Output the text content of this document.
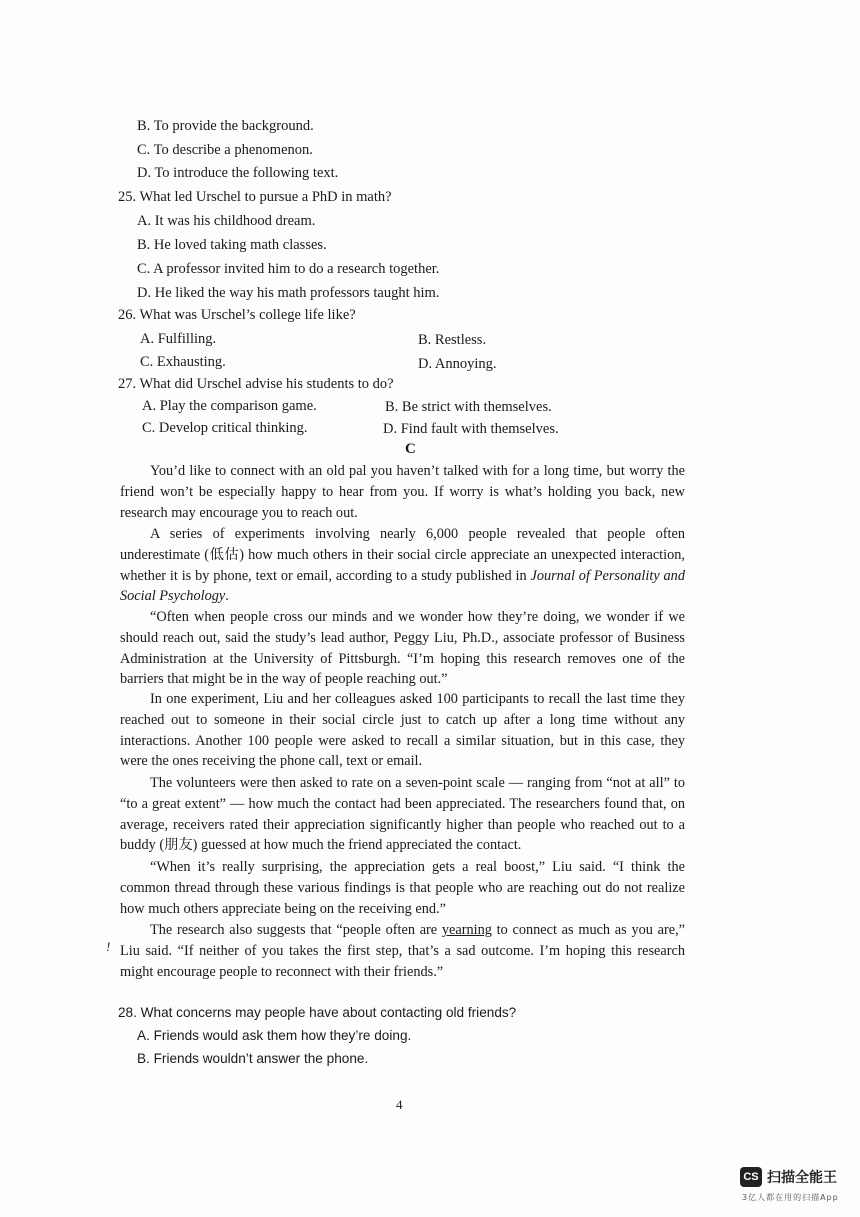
B. To provide the background.
C. To describe a phenomenon.
D. To introduce the following text.
25. What led Urschel to pursue a PhD in math?
A. It was his childhood dream.
B. He loved taking math classes.
C. A professor invited him to do a research together.
D. He liked the way his math professors taught him.
26. What was Urschel’s college life like?
A. Fulfilling.	B. Restless.
C. Exhausting.	D. Annoying.
27. What did Urschel advise his students to do?
A. Play the comparison game.	B. Be strict with themselves.
C. Develop critical thinking.	D. Find fault with themselves.
C
You’d like to connect with an old pal you haven’t talked with for a long time, but worry the friend won’t be especially happy to hear from you. If worry is what’s holding you back, new research may encourage you to reach out.
A series of experiments involving nearly 6,000 people revealed that people often underestimate (低估) how much others in their social circle appreciate an unexpected interaction, whether it is by phone, text or email, according to a study published in Journal of Personality and Social Psychology.
“Often when people cross our minds and we wonder how they’re doing, we wonder if we should reach out, said the study’s lead author, Peggy Liu, Ph.D., associate professor of Business Administration at the University of Pittsburgh. “I’m hoping this research removes one of the barriers that might be in the way of people reaching out.”
In one experiment, Liu and her colleagues asked 100 participants to recall the last time they reached out to someone in their social circle just to catch up after a long time without any interactions. Another 100 people were asked to recall a similar situation, but in this case, they were the ones receiving the phone call, text or email.
The volunteers were then asked to rate on a seven-point scale — ranging from “not at all” to “to a great extent” — how much the contact had been appreciated. The researchers found that, on average, receivers rated their appreciation significantly higher than people who reached out to a buddy (朋友) guessed at how much the friend appreciated the contact.
“When it’s really surprising, the appreciation gets a real boost,” Liu said. “I think the common thread through these various findings is that people who are reaching out do not realize how much others appreciate being on the receiving end.”
The research also suggests that “people often are yearning to connect as much as you are,” Liu said. “If neither of you takes the first step, that’s a sad outcome. I’m hoping this research might encourage people to reconnect with their friends.”
!
28. What concerns may people have about contacting old friends?
A. Friends would ask them how they’re doing.
B. Friends wouldn’t answer the phone.
4
CS 扫描全能王
3亿人都在用的扫描App
